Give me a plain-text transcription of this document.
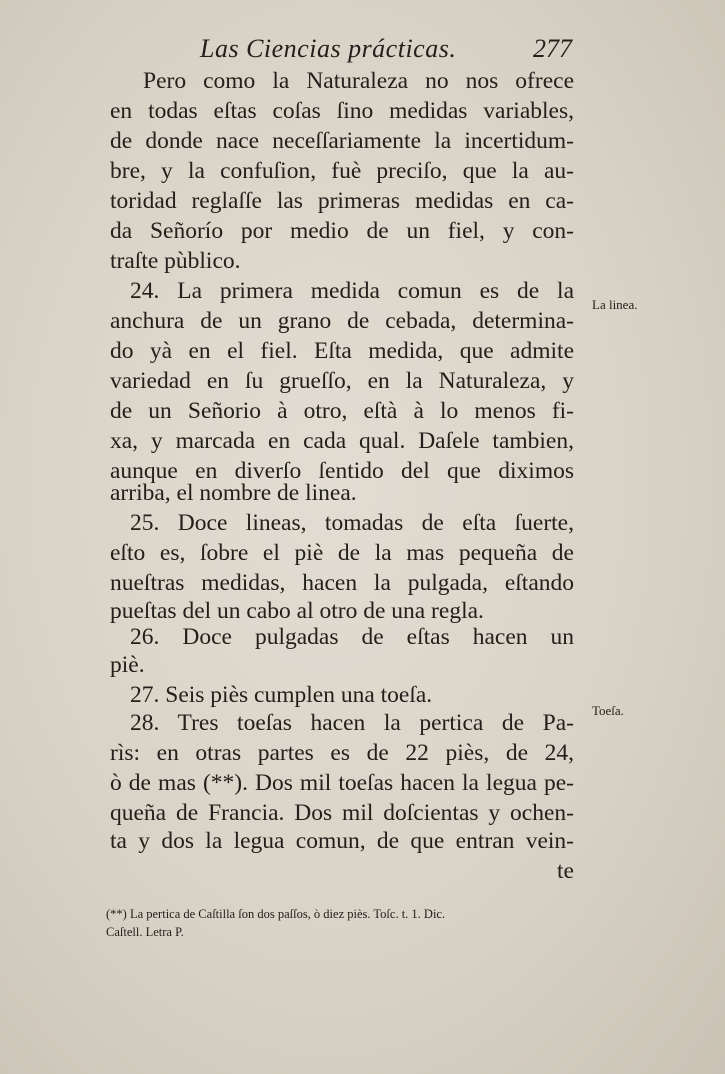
Las Ciencias prácticas.	277
Pero como la Naturaleza no nos ofrece
en todas eſtas coſas ſino medidas variables,
de donde nace neceſſariamente la incertidum-
bre, y la confuſion, fuè preciſo, que la au-
toridad reglaſſe las primeras medidas en ca-
da Señorío por medio de un fiel, y con-
traſte pùblico.
24. La primera medida comun es de la
anchura de un grano de cebada, determina-
do yà en el fiel. Eſta medida, que admite
variedad en ſu grueſſo, en la Naturaleza, y
de un Señorio à otro, eſtà à lo menos fi-
xa, y marcada en cada qual. Daſele tambien,
aunque en diverſo ſentido del que diximos
arriba, el nombre de linea.
25. Doce lineas, tomadas de eſta ſuerte,
eſto es, ſobre el piè de la mas pequeña de
nueſtras medidas, hacen la pulgada, eſtando
pueſtas del un cabo al otro de una regla.
26. Doce pulgadas de eſtas hacen un
piè.
27. Seis piès cumplen una toeſa.
28. Tres toeſas hacen la pertica de Pa-
rìs: en otras partes es de 22 piès, de 24,
ò de mas (**). Dos mil toeſas hacen la legua pe-
queña de Francia. Dos mil doſcientas y ochen-
ta y dos la legua comun, de que entran vein-
te
La linea.
Toeſa.
(**) La pertica de Caſtilla ſon dos paſſos, ò diez piès. Toſc. t. 1. Dic.
Caſtell. Letra P.
